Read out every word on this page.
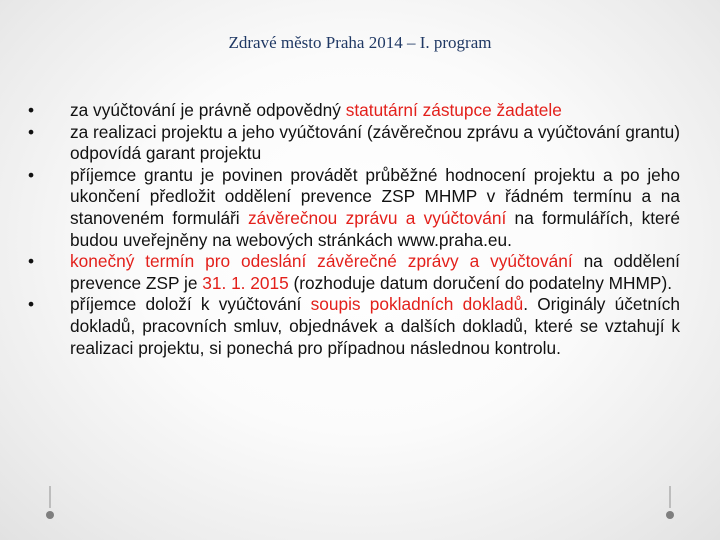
Zdravé město Praha 2014 – I. program
•	za vyúčtování je právně odpovědný statutární zástupce žadatele
•	za realizaci projektu a jeho vyúčtování (závěrečnou zprávu a vyúčtování grantu) odpovídá garant projektu
•	příjemce grantu je povinen provádět průběžné hodnocení projektu a po jeho ukončení předložit oddělení prevence ZSP MHMP v řádném termínu a na stanoveném formuláři závěrečnou zprávu a vyúčtování na formulářích, které budou uveřejněny na webových stránkách www.praha.eu.
•	konečný termín pro odeslání závěrečné zprávy a vyúčtování na oddělení prevence ZSP je 31. 1. 2015 (rozhoduje datum doručení do podatelny MHMP).
•	příjemce doloží k vyúčtování soupis pokladních dokladů. Originály účetních dokladů, pracovních smluv, objednávek a dalších dokladů, které se vztahují k realizaci projektu, si ponechá pro případnou následnou kontrolu.
